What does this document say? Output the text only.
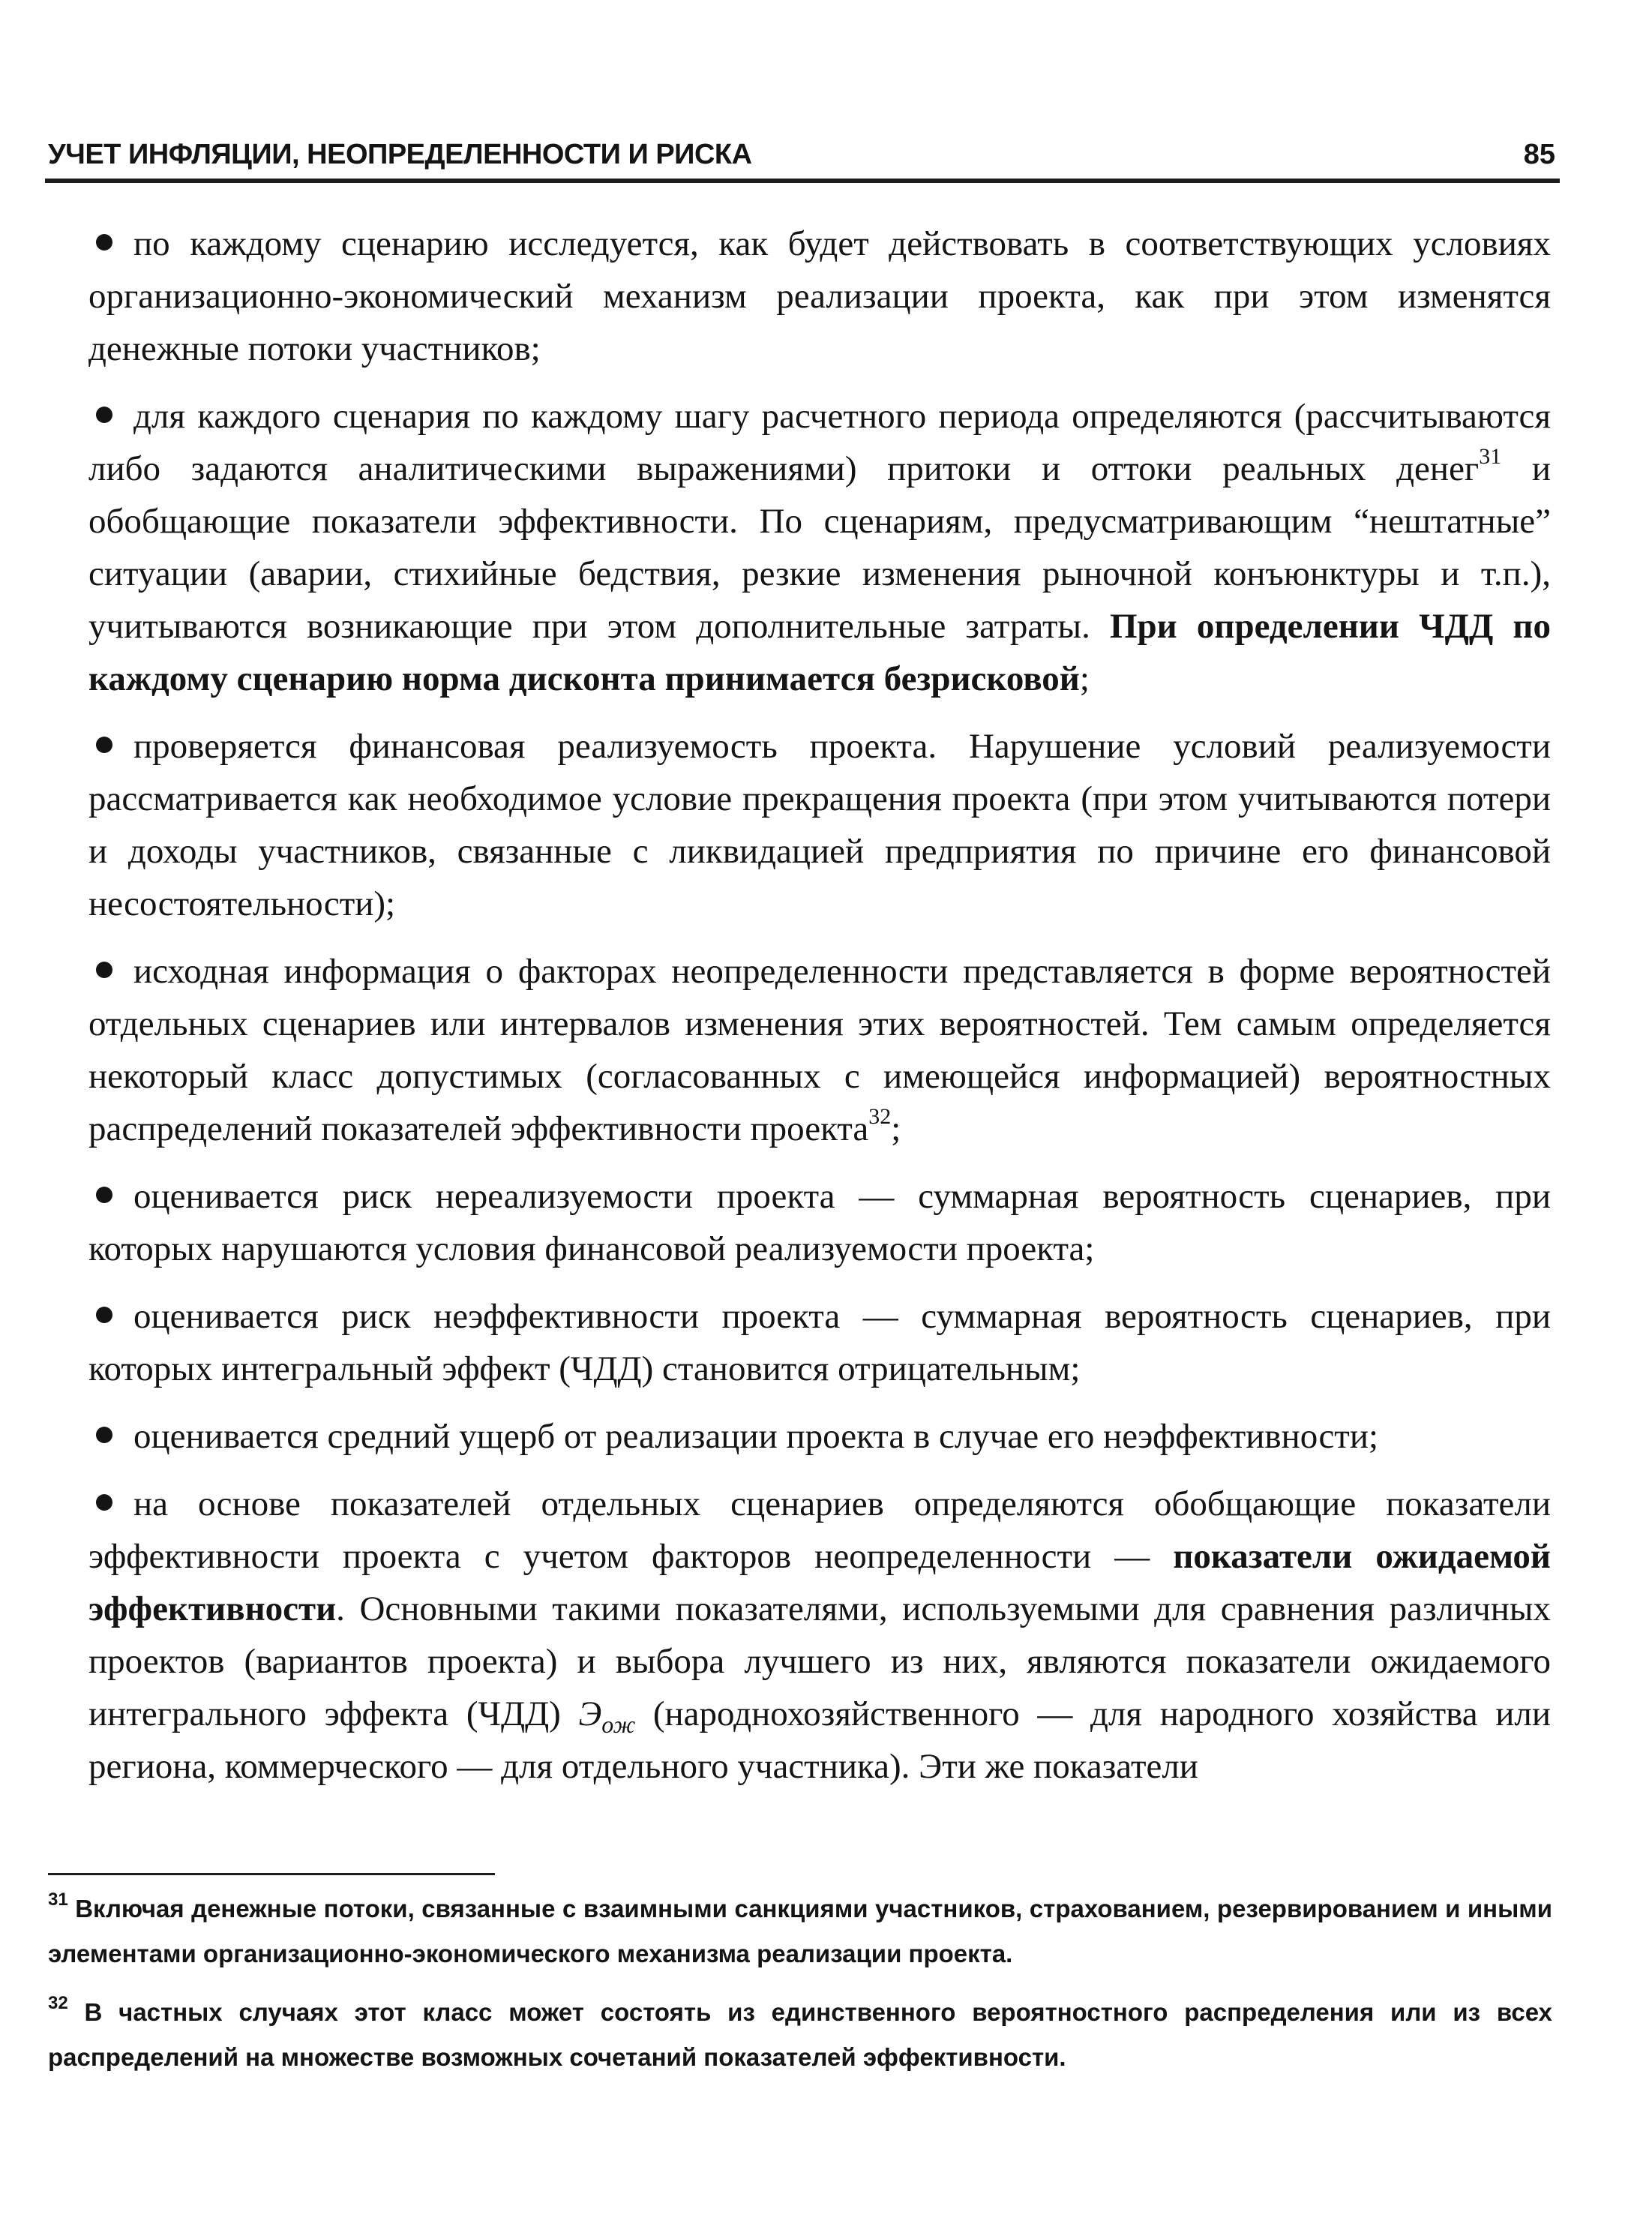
УЧЕТ ИНФЛЯЦИИ, НЕОПРЕДЕЛЕННОСТИ И РИСКА	85

по каждому сценарию исследуется, как будет действовать в соответствующих условиях организационно-экономический механизм реализации проекта, как при этом изменятся денежные потоки участников;

для каждого сценария по каждому шагу расчетного периода определяются (рассчитываются либо задаются аналитическими выражениями) притоки и оттоки реальных денег$^{31}$ и обобщающие показатели эффективности. По сценариям, предусматривающим “нештатные” ситуации (аварии, стихийные бедствия, резкие изменения рыночной конъюнктуры и т.п.), учитываются возникающие при этом дополнительные затраты. При определении ЧДД по каждому сценарию норма дисконта принимается безрисковой;

проверяется финансовая реализуемость проекта. Нарушение условий реализуемости рассматривается как необходимое условие прекращения проекта (при этом учитываются потери и доходы участников, связанные с ликвидацией предприятия по причине его финансовой несостоятельности);

исходная информация о факторах неопределенности представляется в форме вероятностей отдельных сценариев или интервалов изменения этих вероятностей. Тем самым определяется некоторый класс допустимых (согласованных с имеющейся информацией) вероятностных распределений показателей эффективности проекта$^{32}$;

оценивается риск нереализуемости проекта — суммарная вероятность сценариев, при которых нарушаются условия финансовой реализуемости проекта;

оценивается риск неэффективности проекта — суммарная вероятность сценариев, при которых интегральный эффект (ЧДД) становится отрицательным;

оценивается средний ущерб от реализации проекта в случае его неэффективности;

на основе показателей отдельных сценариев определяются обобщающие показатели эффективности проекта с учетом факторов неопределенности — показатели ожидаемой эффективности. Основными такими показателями, используемыми для сравнения различных проектов (вариантов проекта) и выбора лучшего из них, являются показатели ожидаемого интегрального эффекта (ЧДД) $Э_{ож}$ (народнохозяйственного — для народного хозяйства или региона, коммерческого — для отдельного участника). Эти же показатели

$^{31}$ Включая денежные потоки, связанные с взаимными санкциями участников, страхованием, резервированием и иными элементами организационно-экономического механизма реализации проекта.

$^{32}$ В частных случаях этот класс может состоять из единственного вероятностного распределения или из всех распределений на множестве возможных сочетаний показателей эффективности.
